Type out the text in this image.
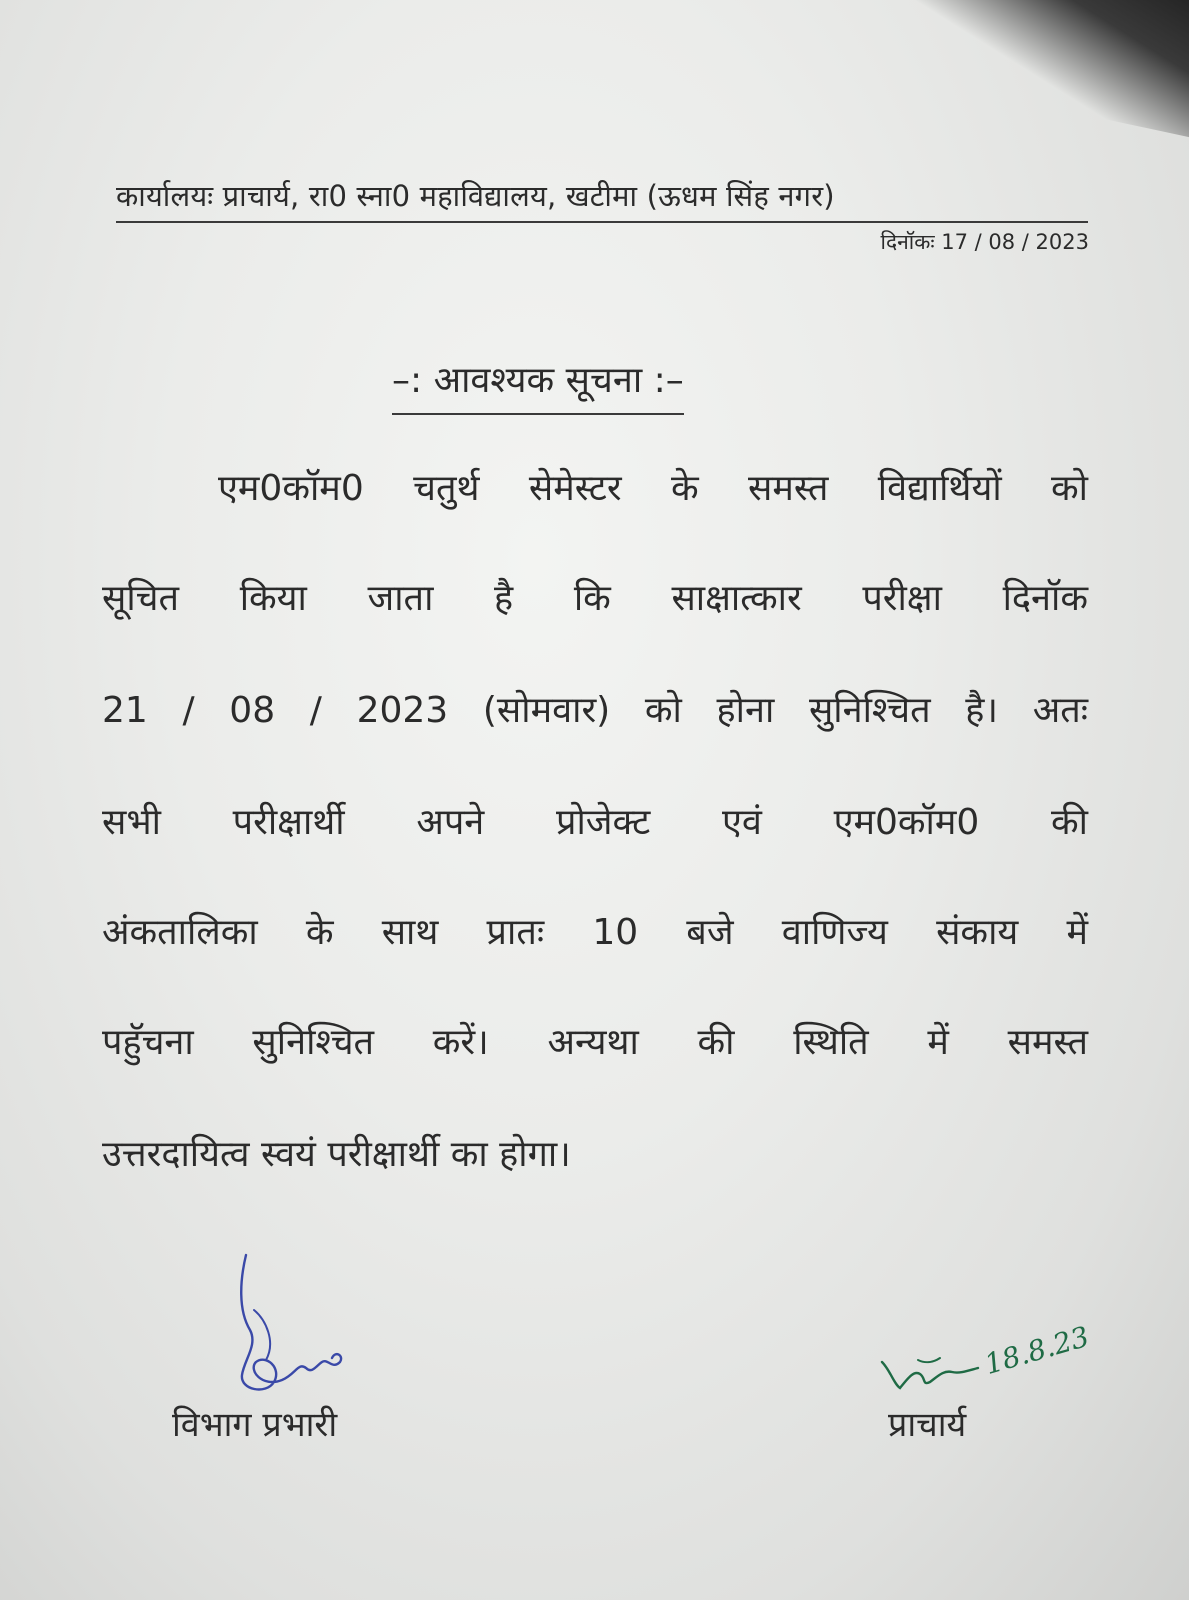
कार्यालयः प्राचार्य, रा0 स्ना0 महाविद्यालय, खटीमा (ऊधम सिंह नगर)
दिनॉकः 17 / 08 / 2023
–: आवश्यक सूचना :–
एम0कॉम0 चतुर्थ सेमेस्टर के समस्त विद्यार्थियों को
सूचित किया जाता है कि साक्षात्कार परीक्षा दिनॉक
21 / 08 / 2023 (सोमवार) को होना सुनिश्चित है। अतः
सभी परीक्षार्थी अपने प्रोजेक्ट एवं एम0कॉम0 की
अंकतालिका के साथ प्रातः 10 बजे वाणिज्य संकाय में
पहुॅचना सुनिश्चित करें। अन्यथा की स्थिति में समस्त
उत्तरदायित्व स्वयं परीक्षार्थी का होगा।
विभाग प्रभारी
18.8.23
प्राचार्य
